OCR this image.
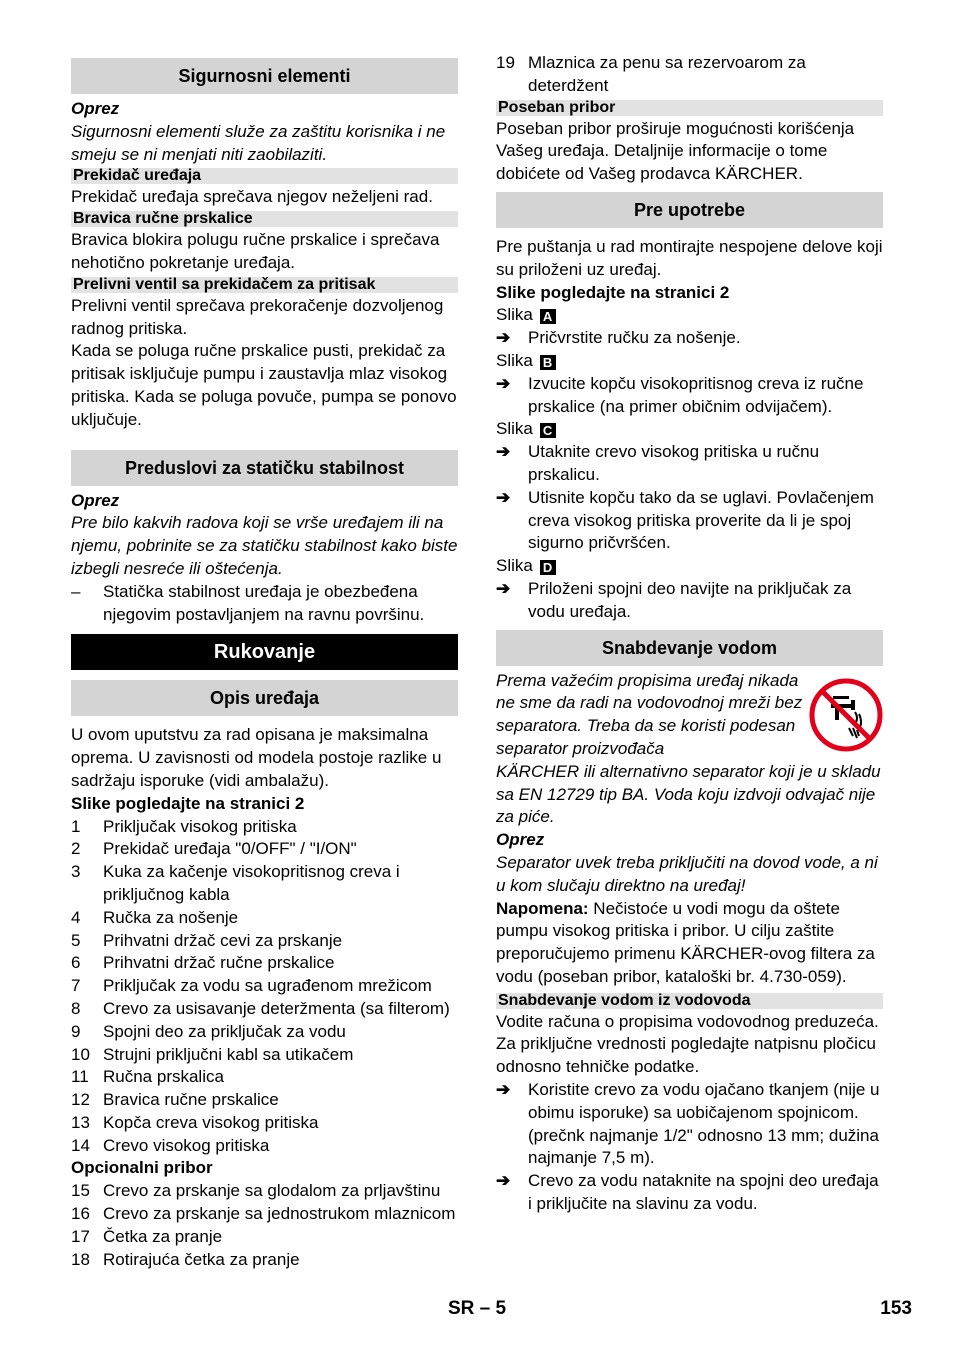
Sigurnosni elementi

Oprez

Sigurnosni elementi služe za zaštitu korisnika i ne smeju se ni menjati niti zaobilaziti.

Prekidač uređaja

Prekidač uređaja sprečava njegov neželjeni rad.

Bravica ručne prskalice

Bravica blokira polugu ručne prskalice i sprečava nehotično pokretanje uređaja.

Prelivni ventil sa prekidačem za pritisak

Prelivni ventil sprečava prekoračenje dozvoljenog radnog pritiska.

Kada se poluga ručne prskalice pusti, prekidač za pritisak isključuje pumpu i zaustavlja mlaz visokog pritiska. Kada se poluga povuče, pumpa se ponovo uključuje.

Preduslovi za statičku stabilnost

Oprez

Pre bilo kakvih radova koji se vrše uređajem ili na njemu, pobrinite se za statičku stabilnost kako biste izbegli nesreće ili oštećenja.

–	Statička stabilnost uređaja je obezbeđena njegovim postavljanjem na ravnu površinu.
Rukovanje
Opis uređaja

U ovom uputstvu za rad opisana je maksimalna oprema. U zavisnosti od modela postoje razlike u sadržaju isporuke (vidi ambalažu).

Slike pogledajte na stranici 2

1	Priključak visokog pritiska
2	Prekidač uređaja "0/OFF" / "I/ON"
3	Kuka za kačenje visokopritisnog creva i priključnog kabla
4	Ručka za nošenje
5	Prihvatni držač cevi za prskanje
6	Prihvatni držač ručne prskalice
7	Priključak za vodu sa ugrađenom mrežicom
8	Crevo za usisavanje deteržmenta (sa filterom)
9	Spojni deo za priključak za vodu
10 Strujni priključni kabl sa utikačem
11 Ručna prskalica
12 Bravica ručne prskalice
13 Kopča creva visokog pritiska
14 Crevo visokog pritiska

Opcionalni pribor

15 Crevo za prskanje sa glodalom za prljavštinu
16 Crevo za prskanje sa jednostrukom mlaznicom
17 Četka za pranje
18 Rotirajuća četka za pranje
19 Mlaznica za penu sa rezervoarom za deterdžent
Poseban pribor

Poseban pribor proširuje mogućnosti korišćenja Vašeg uređaja. Detaljnije informacije o tome dobićete od Vašeg prodavca KÄRCHER.

Pre upotrebe

Pre puštanja u rad montirajte nespojene delove koji su priloženi uz uređaj.

Slike pogledajte na stranici 2

Slika A

➔	Pričvrstite ručku za nošenje.

Slika B

➔	Izvucite kopču visokopritisnog creva iz ručne prskalice (na primer običnim odvijačem).

Slika C

➔	Utaknite crevo visokog pritiska u ručnu prskalicu.
➔	Utisnite kopču tako da se uglavi. Povlačenjem creva visokog pritiska proverite da li je spoj sigurno pričvršćen.

Slika D

➔	Priloženi spojni deo navijte na priključak za vodu uređaja.
Snabdevanje vodom

Prema važećim propisima uređaj nikada ne sme da radi na vodovodnoj mreži bez separatora. Treba da se koristi podesan separator proizvođača

KÄRCHER ili alternativno separator koji je u skladu sa EN 12729 tip BA. Voda koju izdvoji odvajač nije za piće.

Oprez

Separator uvek treba priključiti na dovod vode, a ni u kom slučaju direktno na uređaj!

Napomena: Nečistoće u vodi mogu da oštete pumpu visokog pritiska i pribor. U cilju zaštite preporučujemo primenu KÄRCHER-ovog filtera za vodu (poseban pribor, kataloški br. 4.730-059).

Snabdevanje vodom iz vodovoda

Vodite računa o propisima vodovodnog preduzeća.

Za priključne vrednosti pogledajte natpisnu pločicu odnosno tehničke podatke.

➔	Koristite crevo za vodu ojačano tkanjem (nije u obimu isporuke) sa uobičajenom spojnicom. (prečnk najmanje 1/2" odnosno 13 mm; dužina najmanje 7,5 m).
➔	Crevo za vodu nataknite na spojni deo uređaja i priključite na slavinu za vodu.
SR – 5	153
